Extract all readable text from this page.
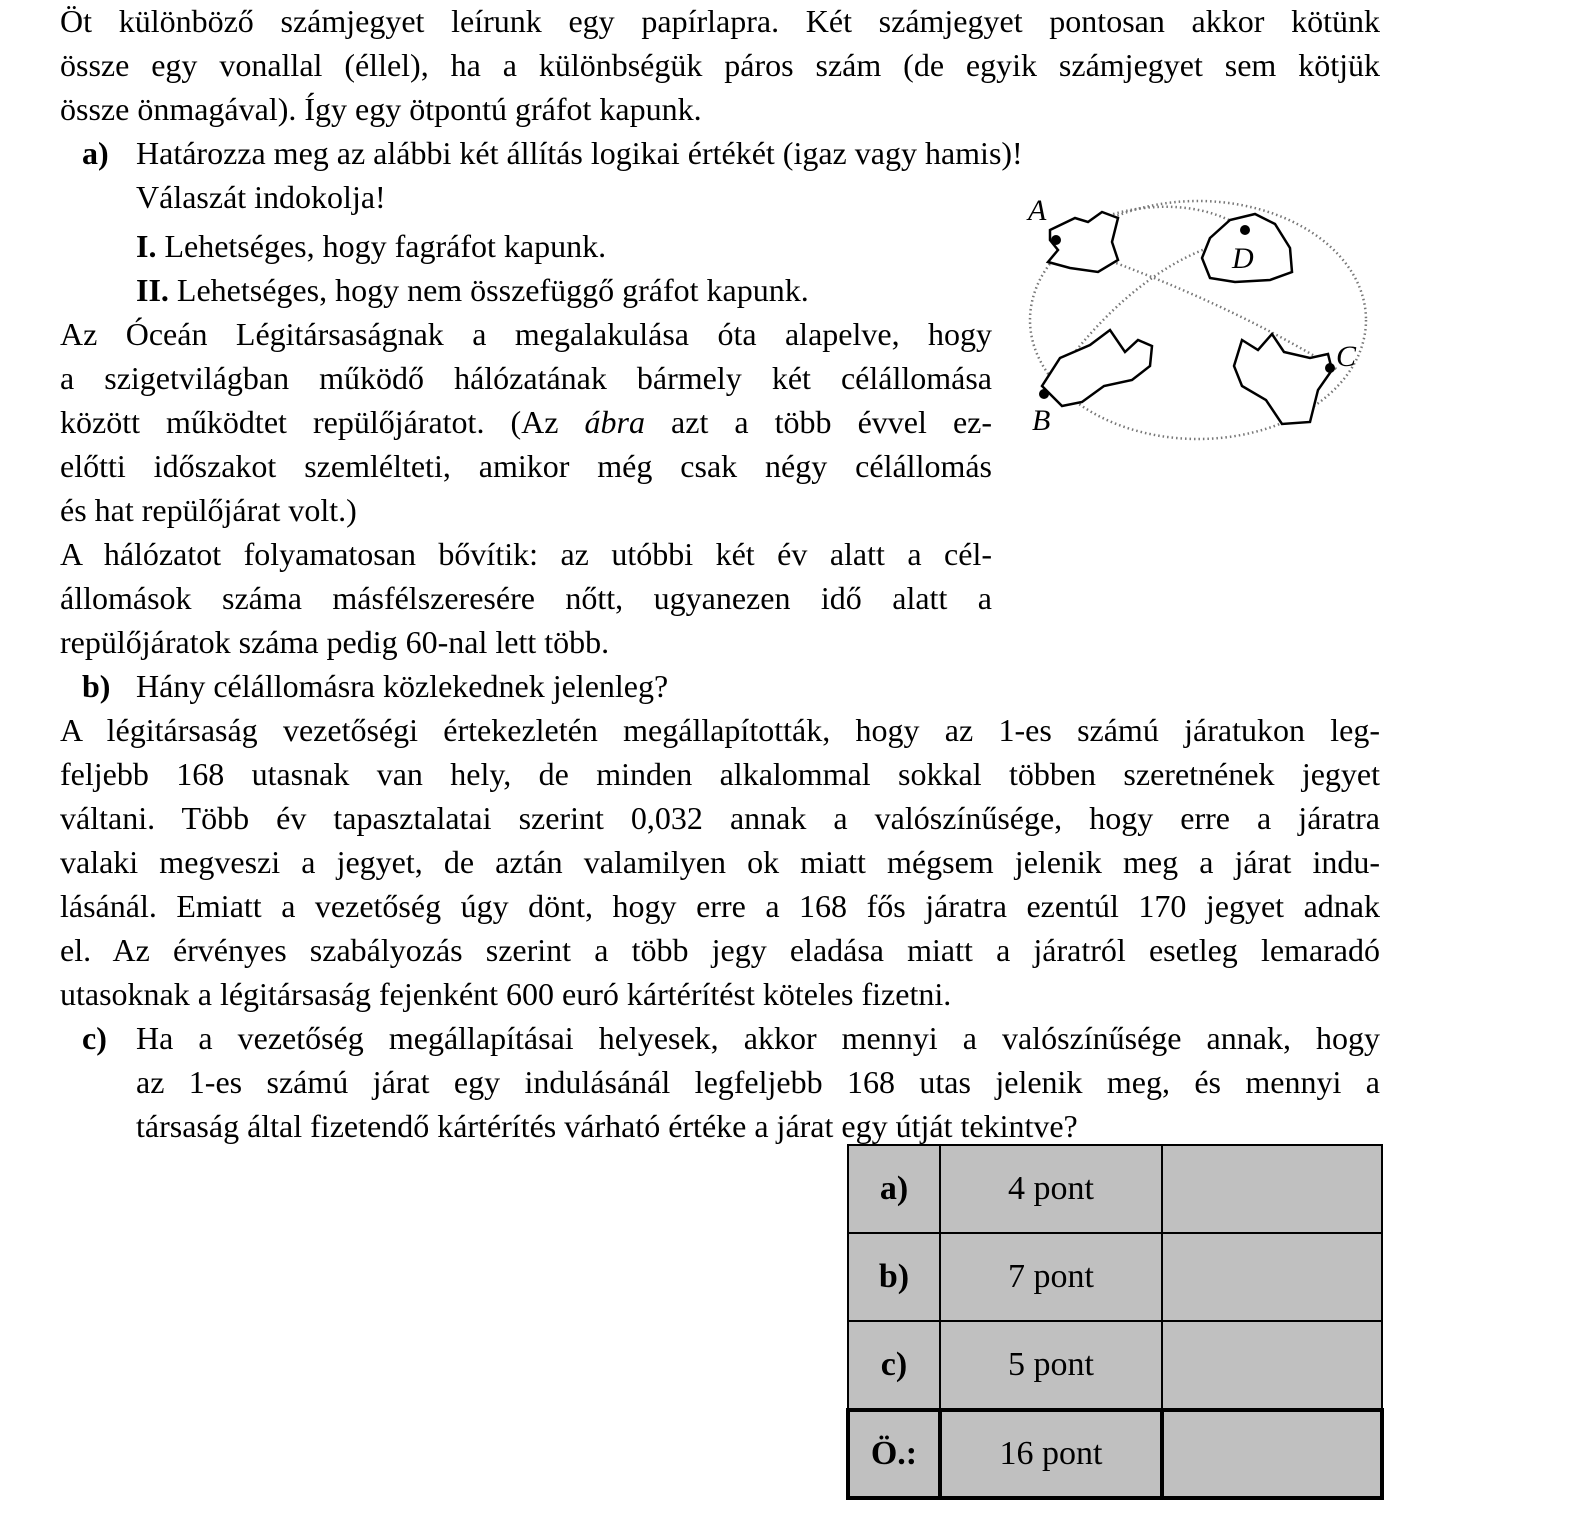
Öt különböző számjegyet leírunk egy papírlapra. Két számjegyet pontosan akkor kötünk
össze egy vonallal (éllel), ha a különbségük páros szám (de egyik számjegyet sem kötjük
össze önmagával). Így egy ötpontú gráfot kapunk.
a) Határozza meg az alábbi két állítás logikai értékét (igaz vagy hamis)!
Válaszát indokolja!
I. Lehetséges, hogy fagráfot kapunk.
II. Lehetséges, hogy nem összefüggő gráfot kapunk.
Az Óceán Légitársaságnak a megalakulása óta alapelve, hogy
a szigetvilágban működő hálózatának bármely két célállomása
között működtet repülőjáratot. (Az ábra azt a több évvel ez-
előtti időszakot szemlélteti, amikor még csak négy célállomás
és hat repülőjárat volt.)
A hálózatot folyamatosan bővítik: az utóbbi két év alatt a cél-
állomások száma másfélszeresére nőtt, ugyanezen idő alatt a
repülőjáratok száma pedig 60-nal lett több.
b) Hány célállomásra közlekednek jelenleg?
A légitársaság vezetőségi értekezletén megállapították, hogy az 1-es számú járatukon leg-
feljebb 168 utasnak van hely, de minden alkalommal sokkal többen szeretnének jegyet
váltani. Több év tapasztalatai szerint 0,032 annak a valószínűsége, hogy erre a járatra
valaki megveszi a jegyet, de aztán valamilyen ok miatt mégsem jelenik meg a járat indu-
lásánál. Emiatt a vezetőség úgy dönt, hogy erre a 168 fős járatra ezentúl 170 jegyet adnak
el. Az érvényes szabályozás szerint a több jegy eladása miatt a járatról esetleg lemaradó
utasoknak a légitársaság fejenként 600 euró kártérítést köteles fizetni.
c) Ha a vezetőség megállapításai helyesek, akkor mennyi a valószínűsége annak, hogy
az 1-es számú járat egy indulásánál legfeljebb 168 utas jelenik meg, és mennyi a
társaság által fizetendő kártérítés várható értéke a járat egy útját tekintve?
A
D
B
C
a)	4 pont	
b)	7 pont	
c)	5 pont	
Ö.:	16 pont	
